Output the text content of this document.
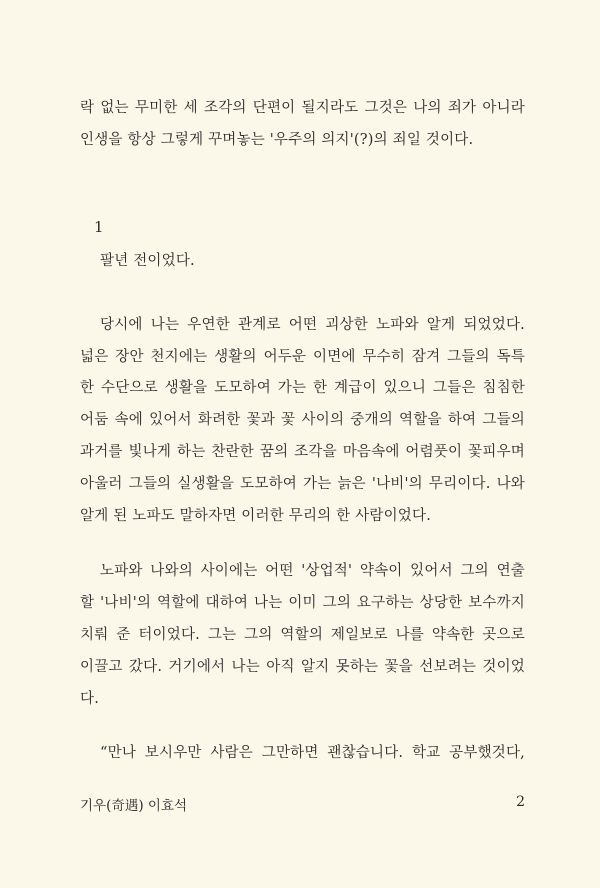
락 없는 무미한 세 조각의 단편이 될지라도 그것은 나의 죄가 아니라
인생을 항상 그렇게 꾸며놓는 '우주의 의지'(?)의 죄일 것이다.
1
팔년 전이었다.
당시에 나는 우연한 관계로 어떤 괴상한 노파와 알게 되었었다.
넓은 장안 천지에는 생활의 어두운 이면에 무수히 잠겨 그들의 독특
한 수단으로 생활을 도모하여 가는 한 계급이 있으니 그들은 침침한
어둠 속에 있어서 화려한 꽃과 꽃 사이의 중개의 역할을 하여 그들의
과거를 빛나게 하는 찬란한 꿈의 조각을 마음속에 어렴풋이 꽃피우며
아울러 그들의 실생활을 도모하여 가는 늙은 '나비'의 무리이다. 나와
알게 된 노파도 말하자면 이러한 무리의 한 사람이었다.
노파와 나와의 사이에는 어떤 '상업적' 약속이 있어서 그의 연출
할 '나비'의 역할에 대하여 나는 이미 그의 요구하는 상당한 보수까지
치뤄 준 터이었다. 그는 그의 역할의 제일보로 나를 약속한 곳으로
이끌고 갔다. 거기에서 나는 아직 알지 못하는 꽃을 선보려는 것이었
다.
“만나 보시우만 사람은 그만하면 괜찮습니다. 학교 공부했것다,
기우(奇遇) 이효석	2
